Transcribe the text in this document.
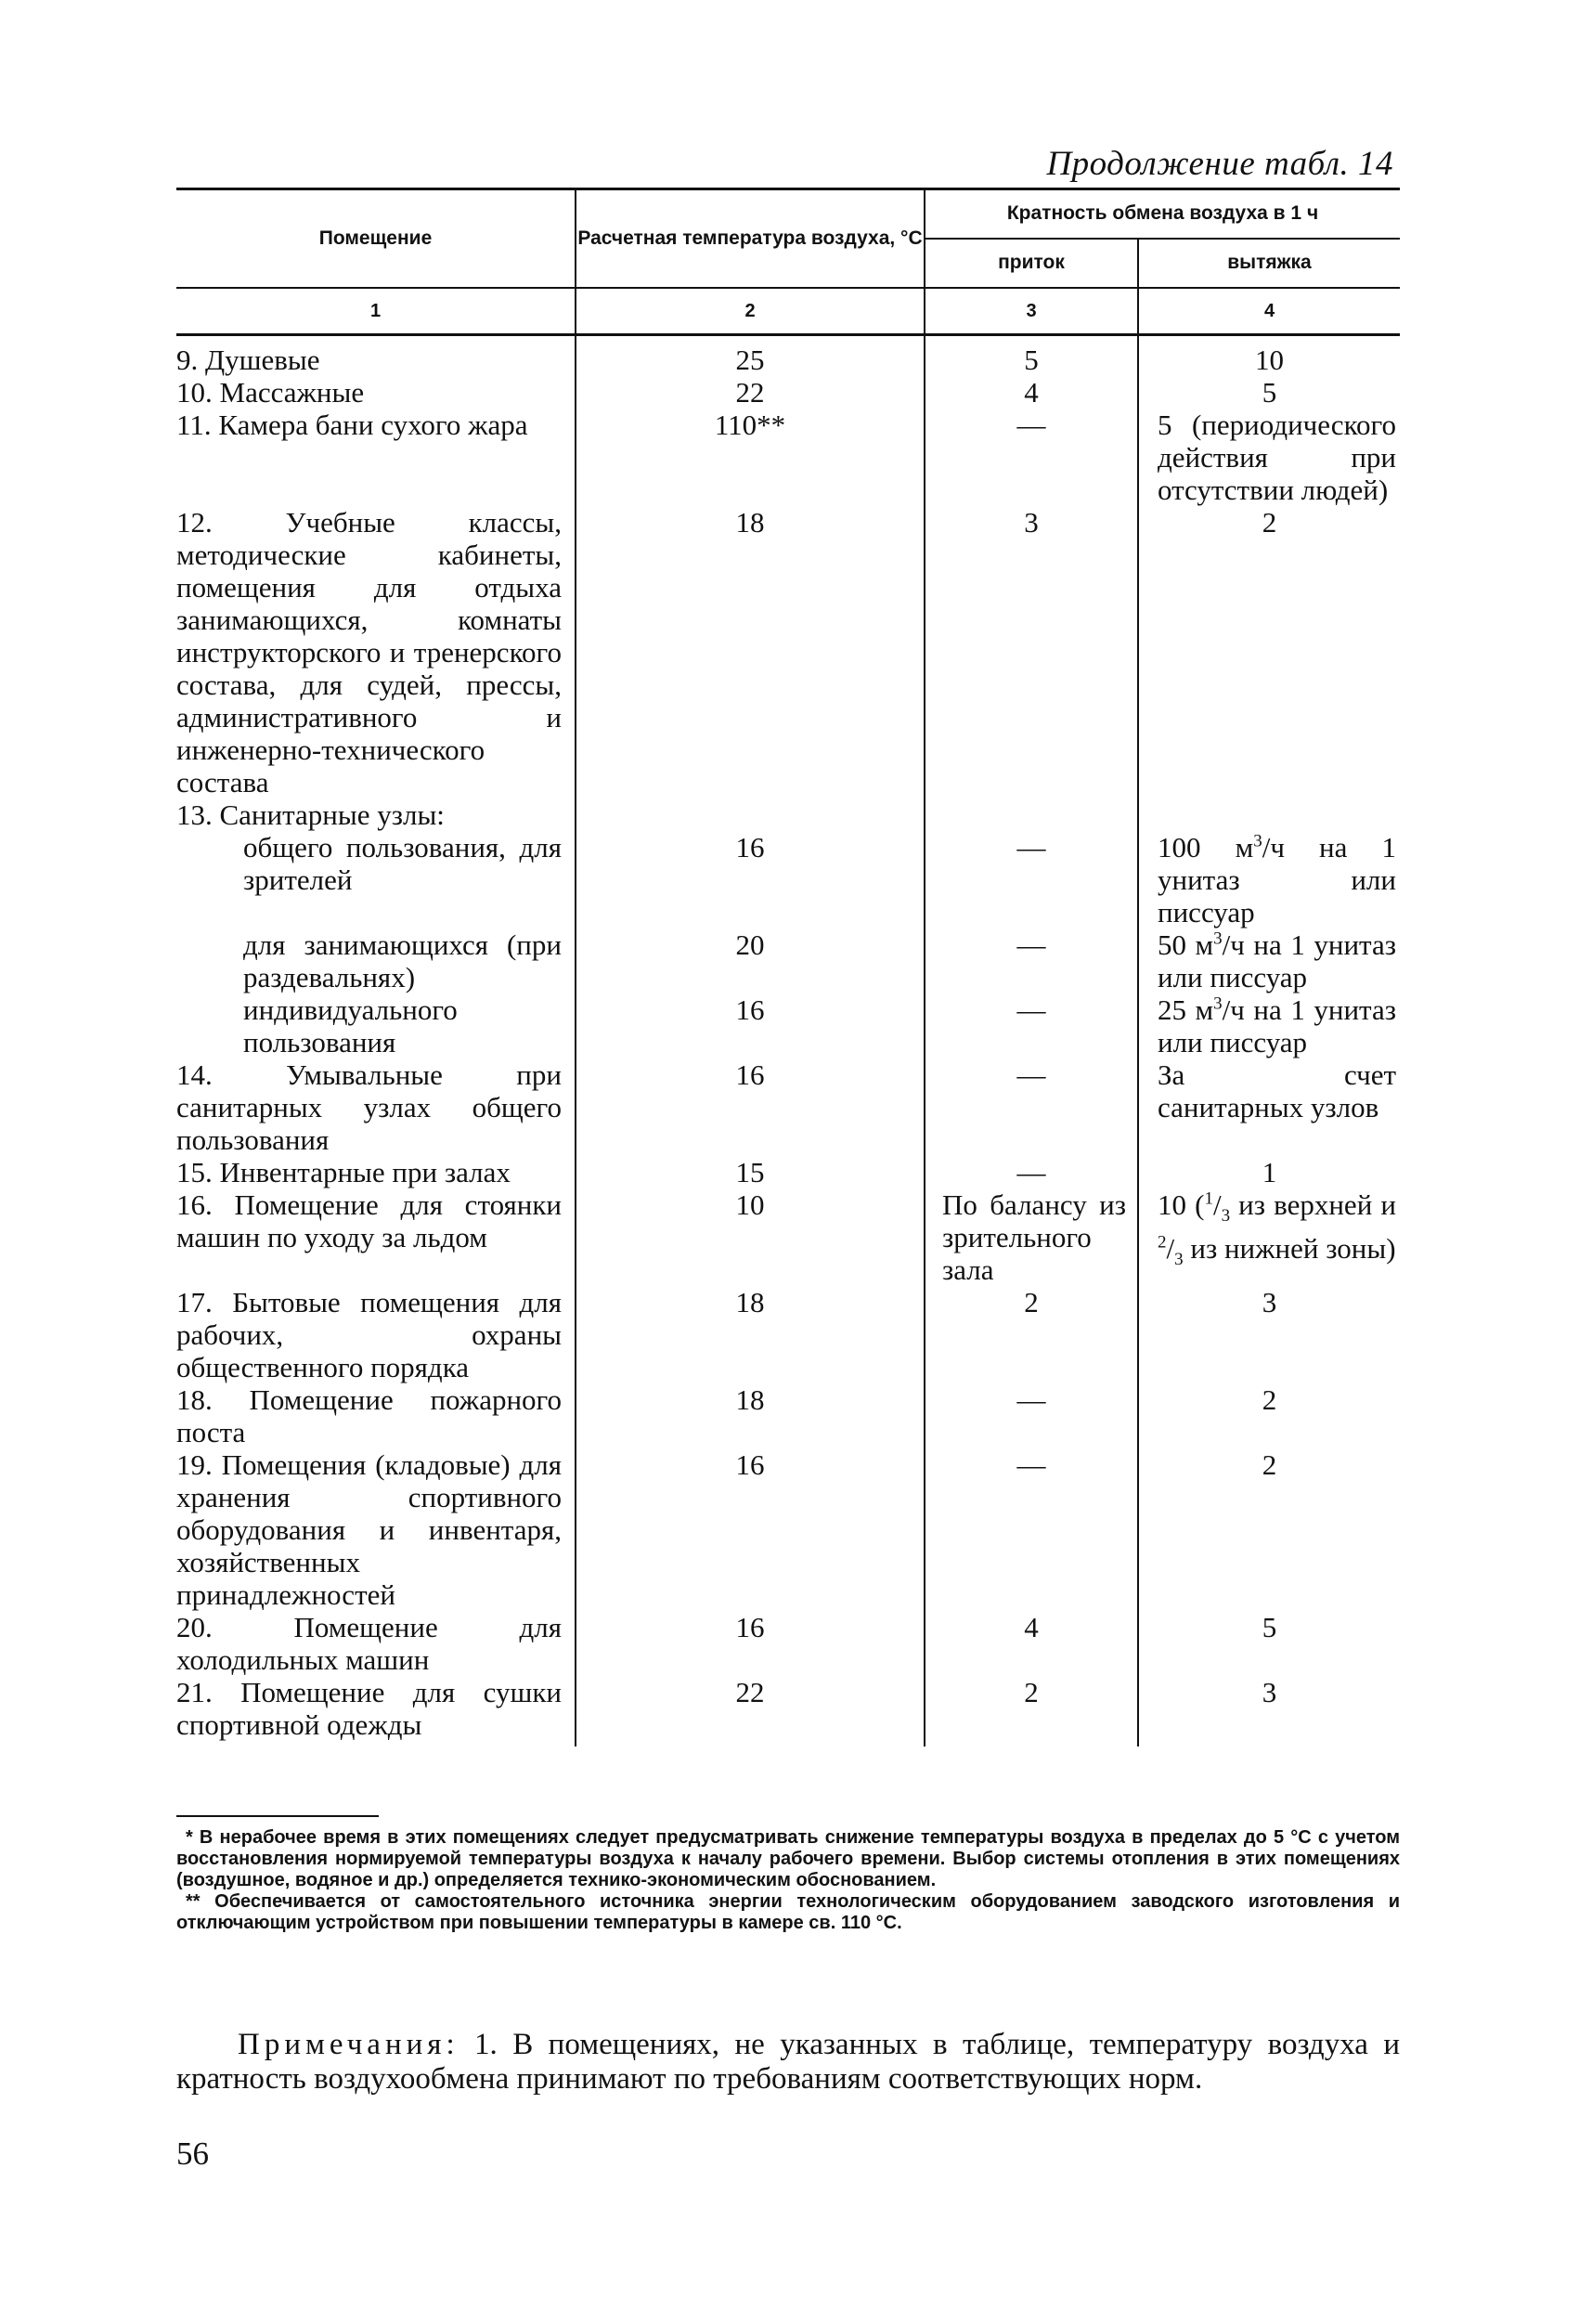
Продолжение табл. 14
Помещение	Расчетная температура воздуха, °С	Кратность обмена воздуха в 1 ч	
		приток	вытяжка
1	2	3	4

9. Душевые	25	5	10

10. Массажные	22	4	5

11. Камера бани сухого жара	110**	—	5 (периодического действия при отсутствии людей)

12. Учебные классы, методические кабинеты, помещения для отдыха занимающихся, комнаты инструкторского и тренерского состава, для судей, прессы, административного и инженерно-технического состава	18	3	2

13. Санитарные узлы:			

общего пользования, для зрителей	16	—	100 $м^3/ч$ на 1 унитаз или писсуар

для занимающихся (при раздевальнях)	20	—	50 $м^3/ч$ на 1 унитаз или писсуар

индивидуального пользования	16	—	25 $м^3/ч$ на 1 унитаз или писсуар

14. Умывальные при санитарных узлах общего пользования	16	—	За счет санитарных узлов

15. Инвентарные при залах	15	—	1

16. Помещение для стоянки машин по уходу за льдом	10	По балансу из зрительного зала	10 ($^1/_3$ из верхней и $^2/_3$ из нижней зоны)

17. Бытовые помещения для рабочих, охраны общественного порядка	18	2	3

18. Помещение пожарного поста	18	—	2

19. Помещения (кладовые) для хранения спортивного оборудования и инвентаря, хозяйственных принадлежностей	16	—	2

20. Помещение для холодильных машин	16	4	5

21. Помещение для сушки спортивной одежды	22	2	3

* В нерабочее время в этих помещениях следует предусматривать снижение температуры воздуха в пределах до 5 °С с учетом восстановления нормируемой температуры воздуха к началу рабочего времени. Выбор системы отопления в этих помещениях (воздушное, водяное и др.) определяется технико-экономическим обоснованием.

** Обеспечивается от самостоятельного источника энергии технологическим оборудованием заводского изготовления и отключающим устройством при повышении температуры в камере св. 110 °С.

Примечания: 1. В помещениях, не указанных в таблице, температуру воздуха и кратность воздухообмена принимают по требованиям соответствующих норм.

56
